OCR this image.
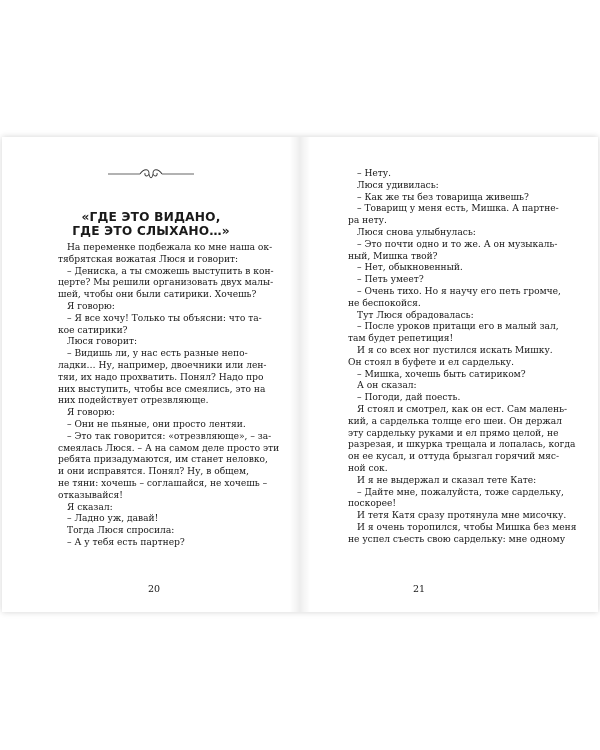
«ГДЕ ЭТО ВИДАНО,
ГДЕ ЭТО СЛЫХАНО…»
На переменке подбежала ко мне наша ок-
тябрятская вожатая Люся и говорит:
– Дениска, а ты сможешь выступить в кон-
церте? Мы решили организовать двух малы-
шей, чтобы они были сатирики. Хочешь?
Я говорю:
– Я все хочу! Только ты объясни: что та-
кое сатирики?
Люся говорит:
– Видишь ли, у нас есть разные непо-
ладки… Ну, например, двоечники или лен-
тяи, их надо прохватить. Понял? Надо про
них выступить, чтобы все смеялись, это на
них подействует отрезвляюще.
Я говорю:
– Они не пьяные, они просто лентяи.
– Это так говорится: «отрезвляюще», – за-
смеялась Люся. – А на самом деле просто эти
ребята призадумаются, им станет неловко,
и они исправятся. Понял? Ну, в общем,
не тяни: хочешь – соглашайся, не хочешь –
отказывайся!
Я сказал:
– Ладно уж, давай!
Тогда Люся спросила:
– А у тебя есть партнер?

20

– Нету.
Люся удивилась:
– Как же ты без товарища живешь?
– Товарищ у меня есть, Мишка. А партне-
ра нету.
Люся снова улыбнулась:
– Это почти одно и то же. А он музыкаль-
ный, Мишка твой?
– Нет, обыкновенный.
– Петь умеет?
– Очень тихо. Но я научу его петь громче,
не беспокойся.
Тут Люся обрадовалась:
– После уроков притащи его в малый зал,
там будет репетиция!
И я со всех ног пустился искать Мишку.
Он стоял в буфете и ел сардельку.
– Мишка, хочешь быть сатириком?
А он сказал:
– Погоди, дай поесть.
Я стоял и смотрел, как он ест. Сам малень-
кий, а сарделька толще его шеи. Он держал
эту сардельку руками и ел прямо целой, не
разрезая, и шкурка трещала и лопалась, когда
он ее кусал, и оттуда брызгал горячий мяс-
ной сок.
И я не выдержал и сказал тете Кате:
– Дайте мне, пожалуйста, тоже сардельку,
поскорее!
И тетя Катя сразу протянула мне мисочку.
И я очень торопился, чтобы Мишка без меня
не успел съесть свою сардельку: мне одному

21
